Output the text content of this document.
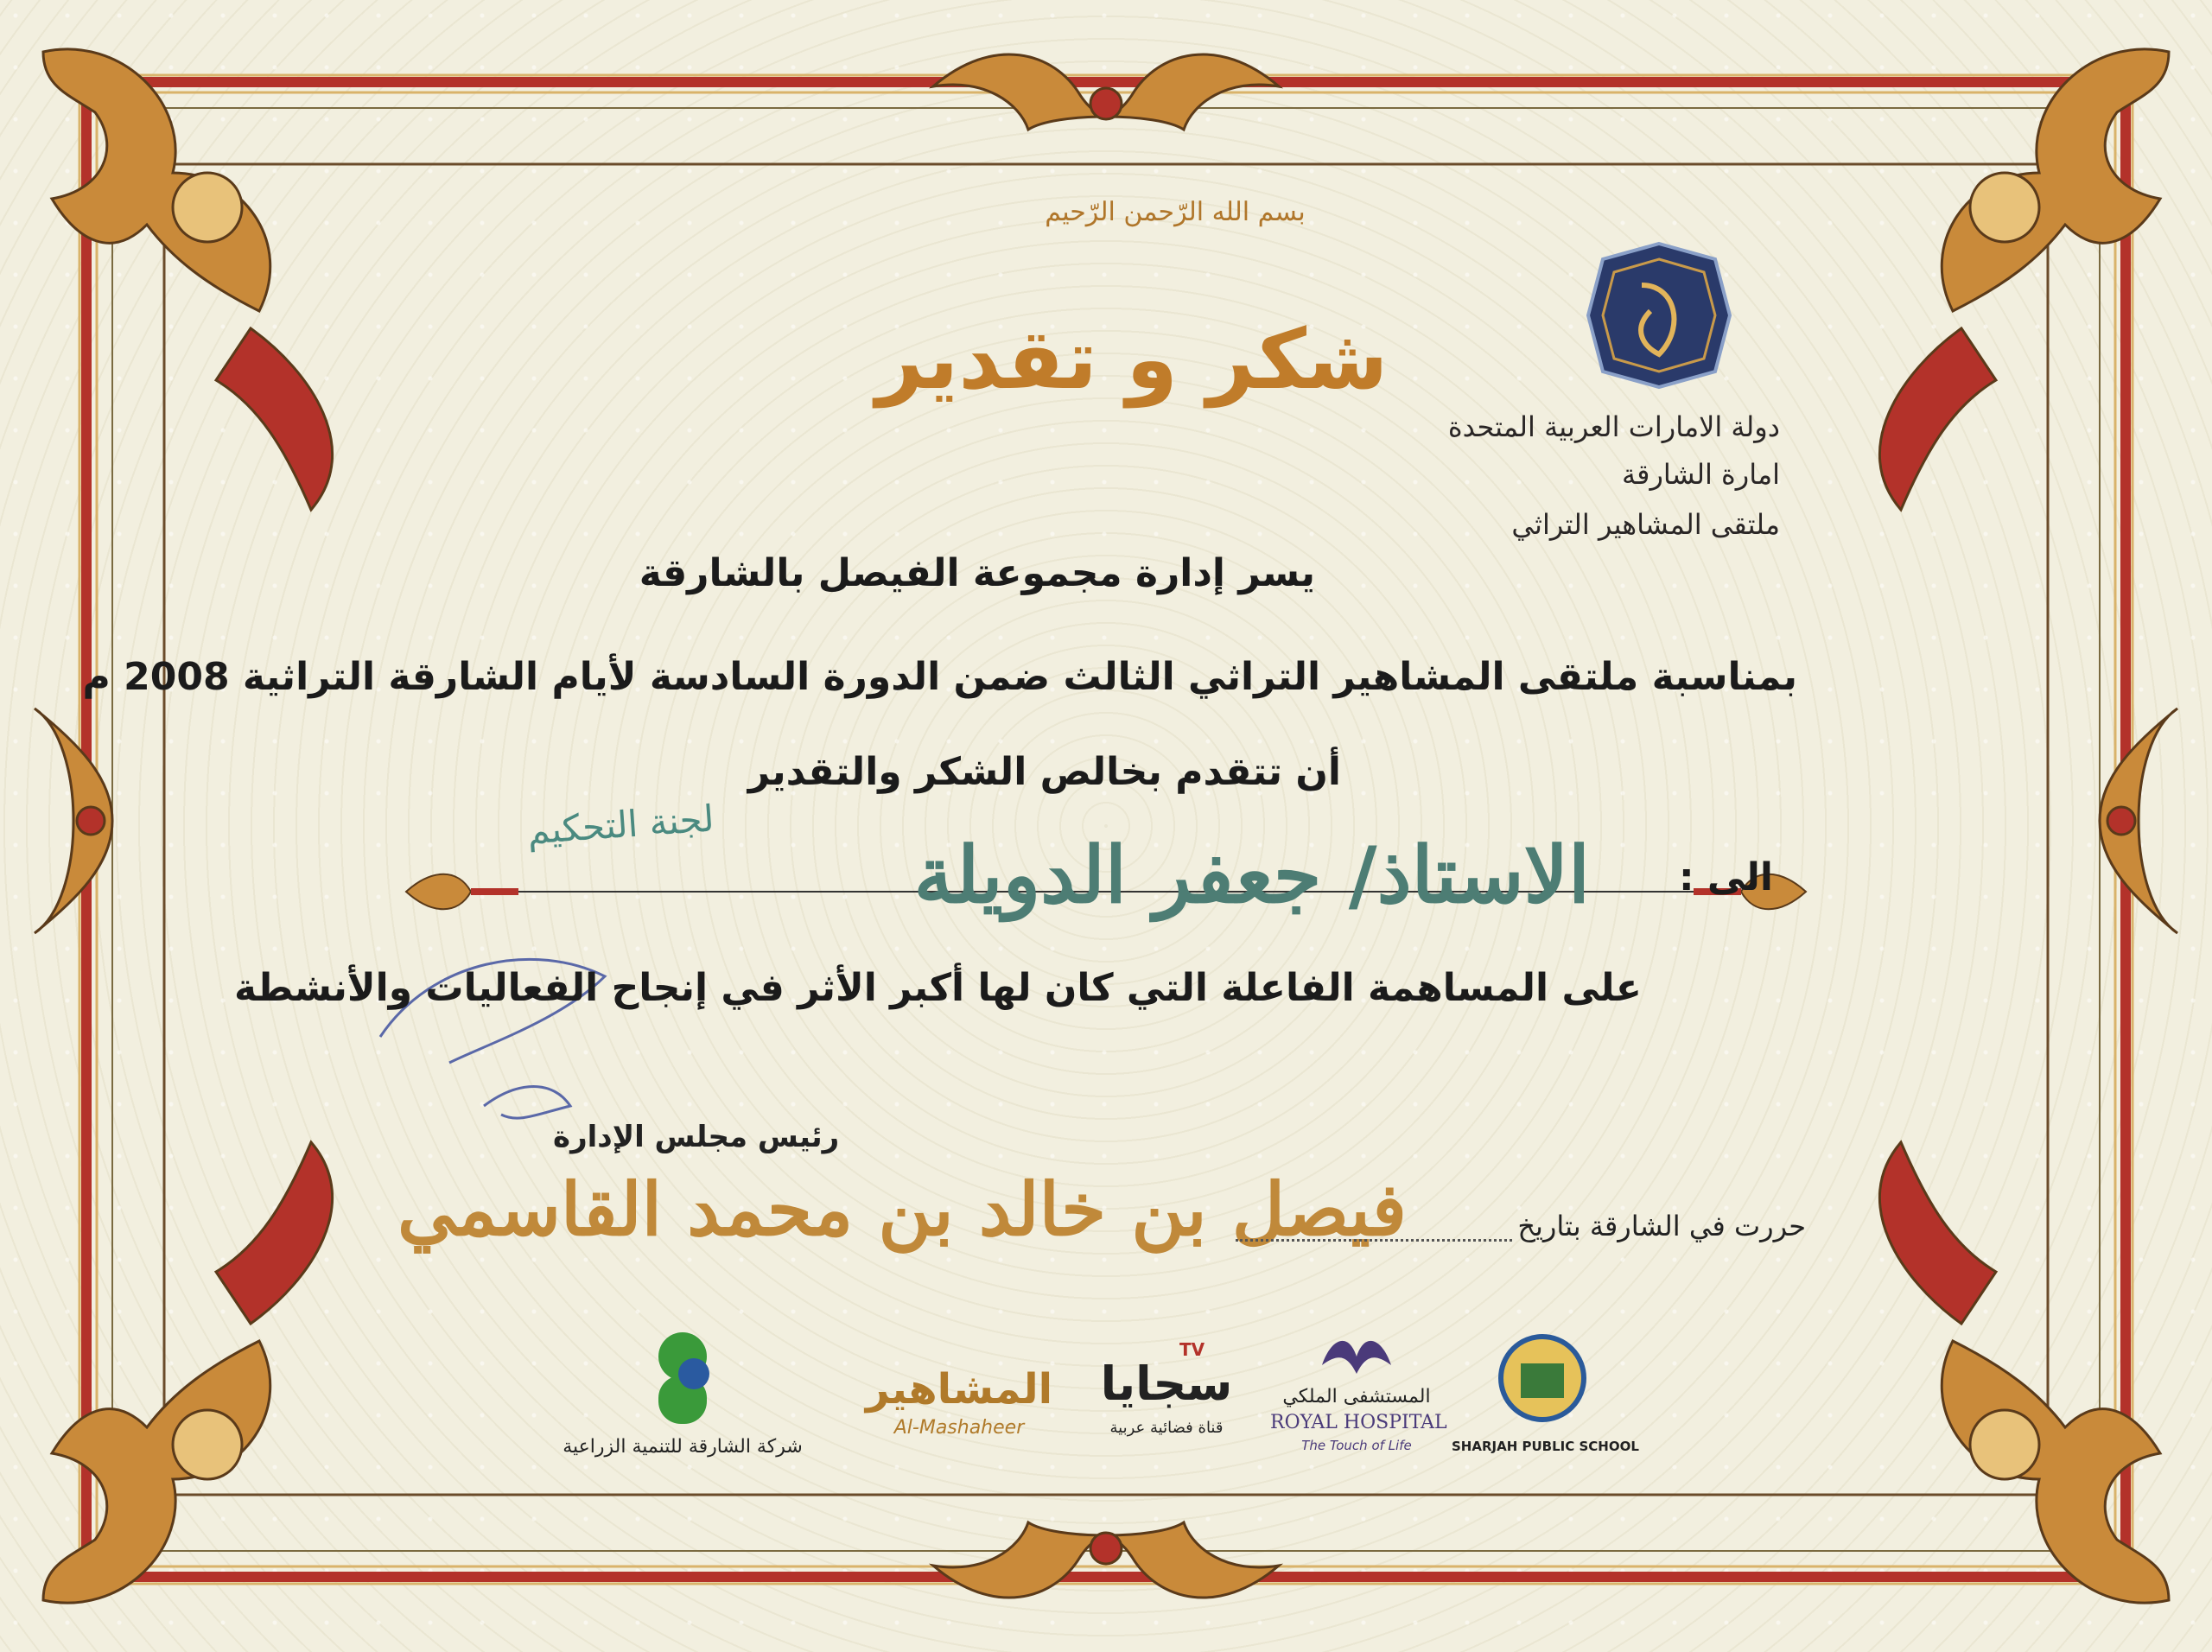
بسم الله الرّحمن الرّحيم
شكر و تقدير
دولة الامارات العربية المتحدة
امارة الشارقة
ملتقى المشاهير التراثي
يسر إدارة مجموعة الفيصل بالشارقة
بمناسبة ملتقى المشاهير التراثي الثالث ضمن الدورة السادسة لأيام الشارقة التراثية 2008 م
أن تتقدم بخالص الشكر والتقدير
الى :
الاستاذ/ جعفر الدويلة
لجنة التحكيم
على المساهمة الفاعلة التي كان لها أكبر الأثر في إنجاح الفعاليات والأنشطة
رئيس مجلس الإدارة
فيصل بن خالد بن محمد القاسمي	حررت في الشارقة بتاريخ
شركة الشارقة للتنمية الزراعية
المشاهير
Al-Mashaheer
TV
سجايا
قناة فضائية عربية
المستشفى الملكي
ROYAL HOSPITAL
The Touch of Life	SHARJAH PUBLIC SCHOOL
